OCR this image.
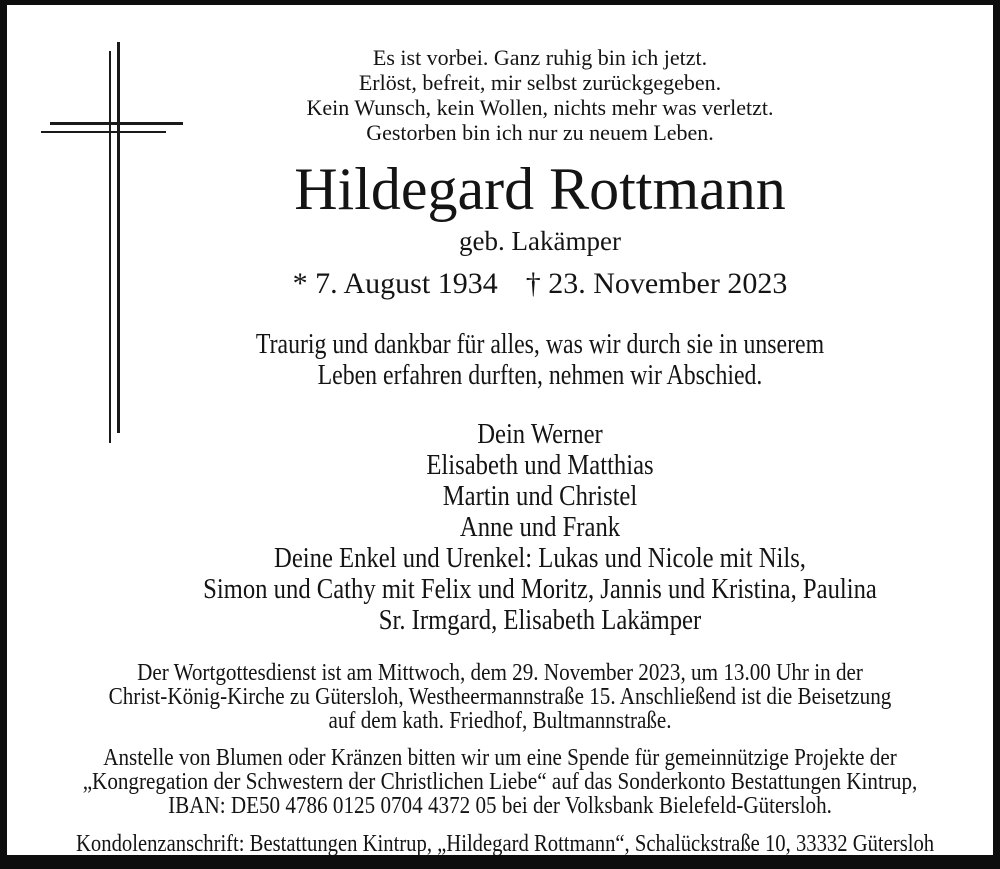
Es ist vorbei. Ganz ruhig bin ich jetzt.
Erlöst, befreit, mir selbst zurückgegeben.
Kein Wunsch, kein Wollen, nichts mehr was verletzt.
Gestorben bin ich nur zu neuem Leben.
Hildegard Rottmann
geb. Lakämper
* 7. August 1934 † 23. November 2023
Traurig und dankbar für alles, was wir durch sie in unserem
Leben erfahren durften, nehmen wir Abschied.
Dein Werner
Elisabeth und Matthias
Martin und Christel
Anne und Frank
Deine Enkel und Urenkel: Lukas und Nicole mit Nils,
Simon und Cathy mit Felix und Moritz, Jannis und Kristina, Paulina
Sr. Irmgard, Elisabeth Lakämper
Der Wortgottesdienst ist am Mittwoch, dem 29. November 2023, um 13.00 Uhr in der
Christ-König-Kirche zu Gütersloh, Westheermannstraße 15. Anschließend ist die Beisetzung
auf dem kath. Friedhof, Bultmannstraße.
Anstelle von Blumen oder Kränzen bitten wir um eine Spende für gemeinnützige Projekte der
„Kongregation der Schwestern der Christlichen Liebe“ auf das Sonderkonto Bestattungen Kintrup,
IBAN: DE50 4786 0125 0704 4372 05 bei der Volksbank Bielefeld-Gütersloh.
Kondolenzanschrift: Bestattungen Kintrup, „Hildegard Rottmann“, Schalückstraße 10, 33332 Gütersloh
